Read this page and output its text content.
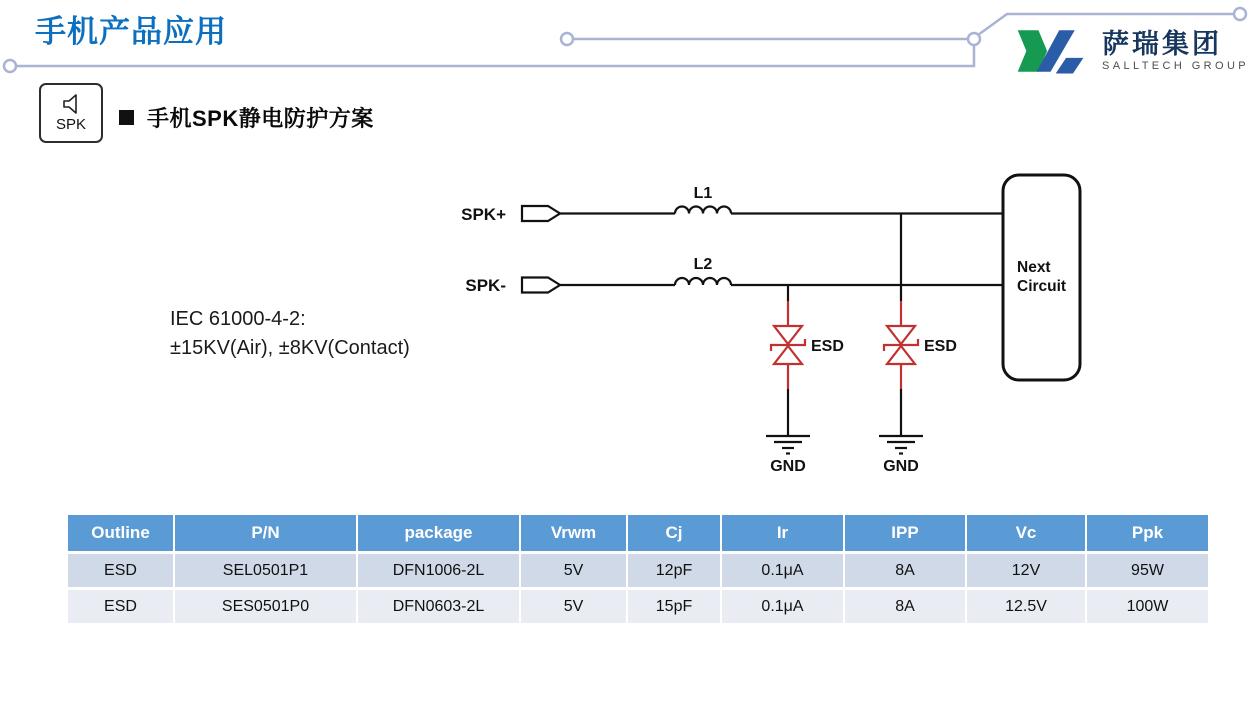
手机产品应用	萨瑞集团
SALLTECH GROUP
SPK	手机SPK静电防护方案
SPK+
SPK-
L1
L2
ESD	ESD
GND	GND
Next
Circuit
IEC 61000-4-2:
±15KV(Air), ±8KV(Contact)
Outline	P/N	package	Vrwm	Cj	Ir	IPP	Vc	Ppk
ESD	SEL0501P1	DFN1006-2L	5V	12pF	0.1μA	8A	12V	95W
ESD	SES0501P0	DFN0603-2L	5V	15pF	0.1μA	8A	12.5V	100W
